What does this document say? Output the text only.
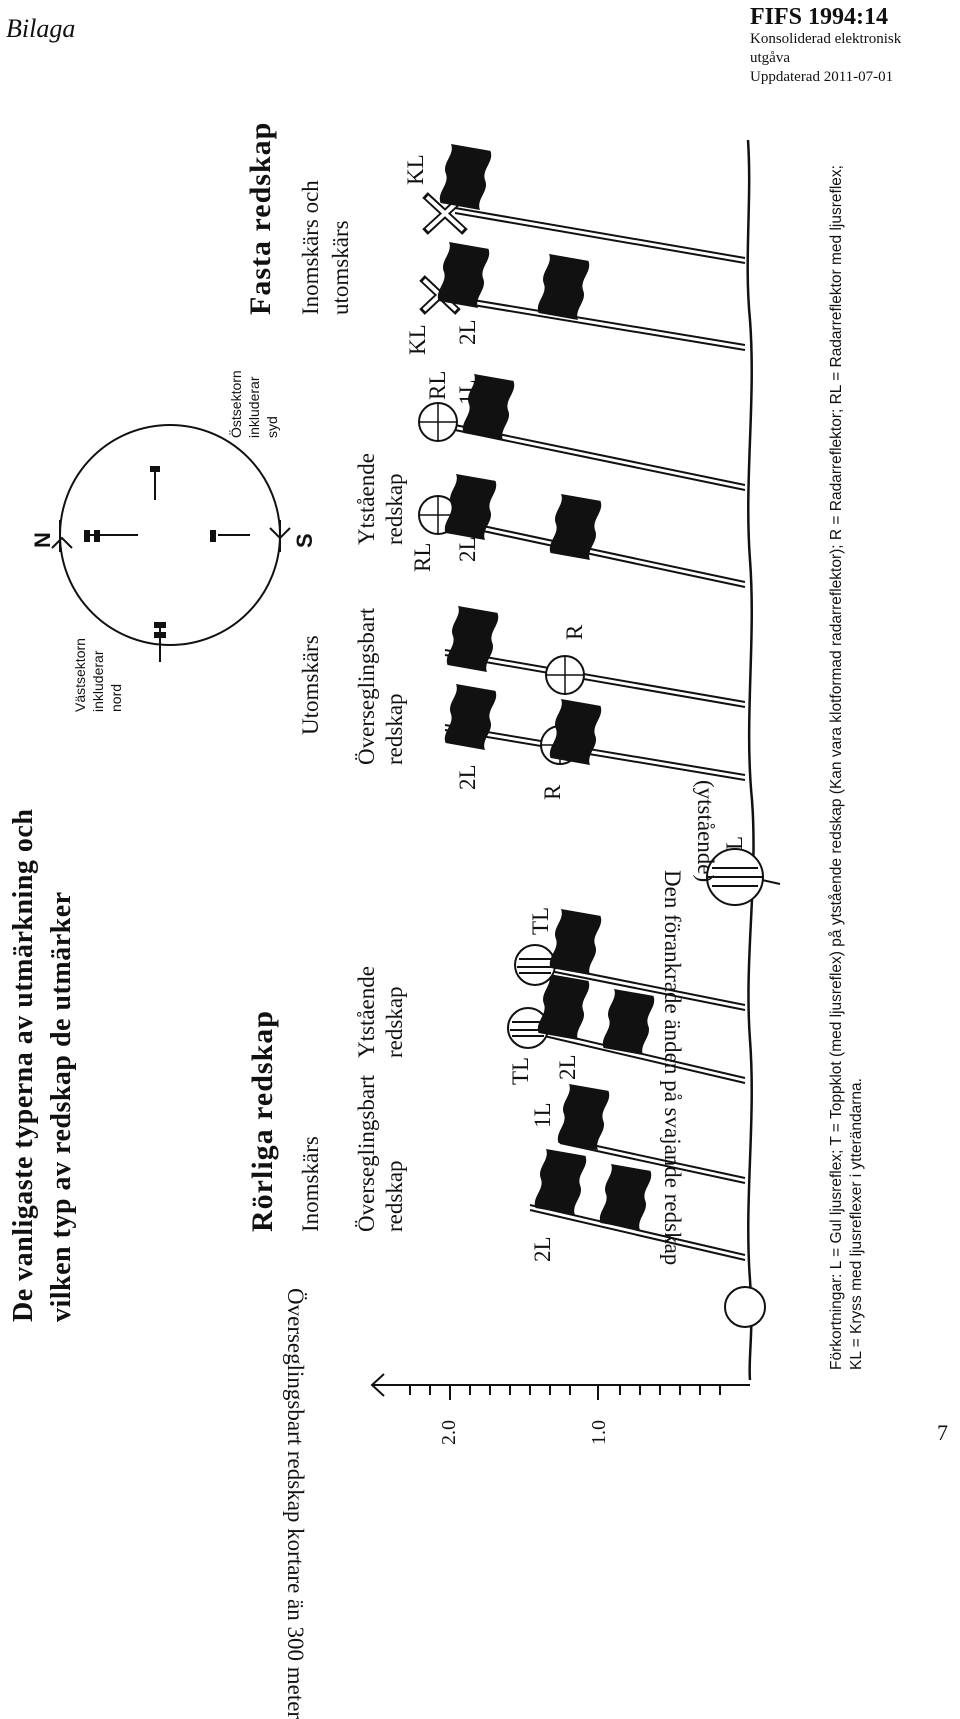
Bilaga	FIFS 1994:14
Konsoliderad elektronisk
utgåva
Uppdaterad 2011-07-01
De vanligaste typerna av utmärkning och vilken typ av redskap de utmärker	Rörliga redskap Inomskärs Överseglingsbart redskap
Ytstående redskap
Utomskärs Överseglingsbart redskap
Ytstående redskap
Fasta redskap Inomskärs och utomskärs
N	S
Västsektorn inkluderar nord
Östsektorn inkluderar syd
2L
1L
TL 2L
TL
1L
L
2L
R
1L	R
RL 2L
RL 1L
KL 2L
KL 1L
2.0	1.0
Överseglingsbart redskap kortare än 300 meter
Den förankrade änden på svajande redskap
(ytstående)	Förkortningar: L = Gul ljusreflex; T = Toppklot (med ljusreflex) på ytstående redskap (Kan vara klotformad radarreflektor); R = Radarreflektor; RL = Radarreflektor med ljusreflex; KL = Kryss med ljusreflexer i ytterändarna.
7
